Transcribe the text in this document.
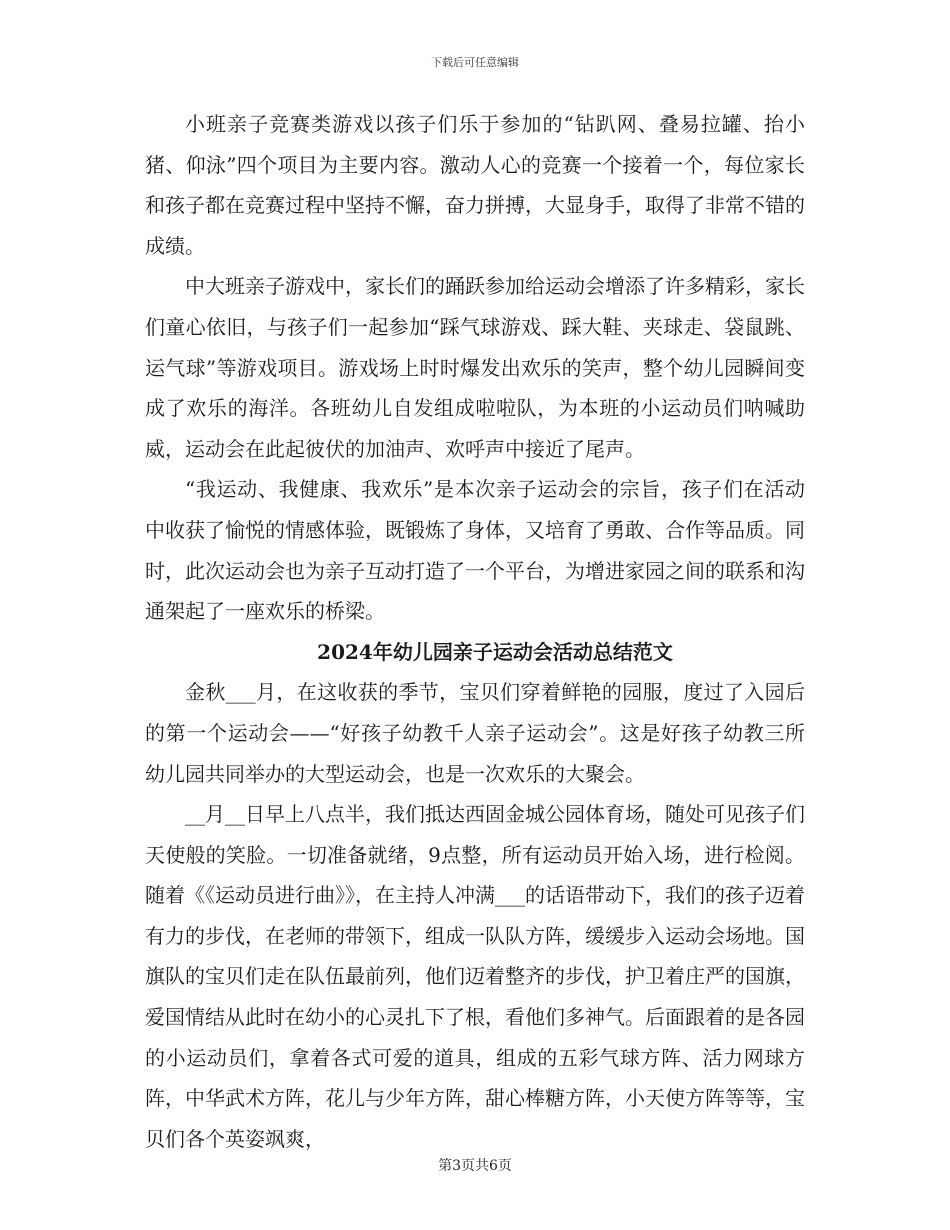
下载后可任意编辑

小班亲子竞赛类游戏以孩子们乐于参加的“钻趴网、叠易拉罐、抬小猪、仰泳”四个项目为主要内容。激动人心的竞赛一个接着一个，每位家长和孩子都在竞赛过程中坚持不懈，奋力拼搏，大显身手，取得了非常不错的成绩。

中大班亲子游戏中，家长们的踊跃参加给运动会增添了许多精彩，家长们童心依旧，与孩子们一起参加“踩气球游戏、踩大鞋、夹球走、袋鼠跳、运气球”等游戏项目。游戏场上时时爆发出欢乐的笑声，整个幼儿园瞬间变成了欢乐的海洋。各班幼儿自发组成啦啦队，为本班的小运动员们呐喊助威，运动会在此起彼伏的加油声、欢呼声中接近了尾声。

“我运动、我健康、我欢乐”是本次亲子运动会的宗旨，孩子们在活动中收获了愉悦的情感体验，既锻炼了身体，又培育了勇敢、合作等品质。同时，此次运动会也为亲子互动打造了一个平台，为增进家园之间的联系和沟通架起了一座欢乐的桥梁。

2024年幼儿园亲子运动会活动总结范文

金秋___月，在这收获的季节，宝贝们穿着鲜艳的园服，度过了入园后的第一个运动会——“好孩子幼教千人亲子运动会”。这是好孩子幼教三所幼儿园共同举办的大型运动会，也是一次欢乐的大聚会。

__月__日早上八点半，我们抵达西固金城公园体育场，随处可见孩子们天使般的笑脸。一切准备就绪，9点整，所有运动员开始入场，进行检阅。随着《《运动员进行曲》》，在主持人冲满___的话语带动下，我们的孩子迈着有力的步伐，在老师的带领下，组成一队队方阵，缓缓步入运动会场地。国旗队的宝贝们走在队伍最前列，他们迈着整齐的步伐，护卫着庄严的国旗，爱国情结从此时在幼小的心灵扎下了根，看他们多神气。后面跟着的是各园的小运动员们，拿着各式可爱的道具，组成的五彩气球方阵、活力网球方阵，中华武术方阵，花儿与少年方阵，甜心棒糖方阵，小天使方阵等等，宝贝们各个英姿飒爽，

第3页共6页
